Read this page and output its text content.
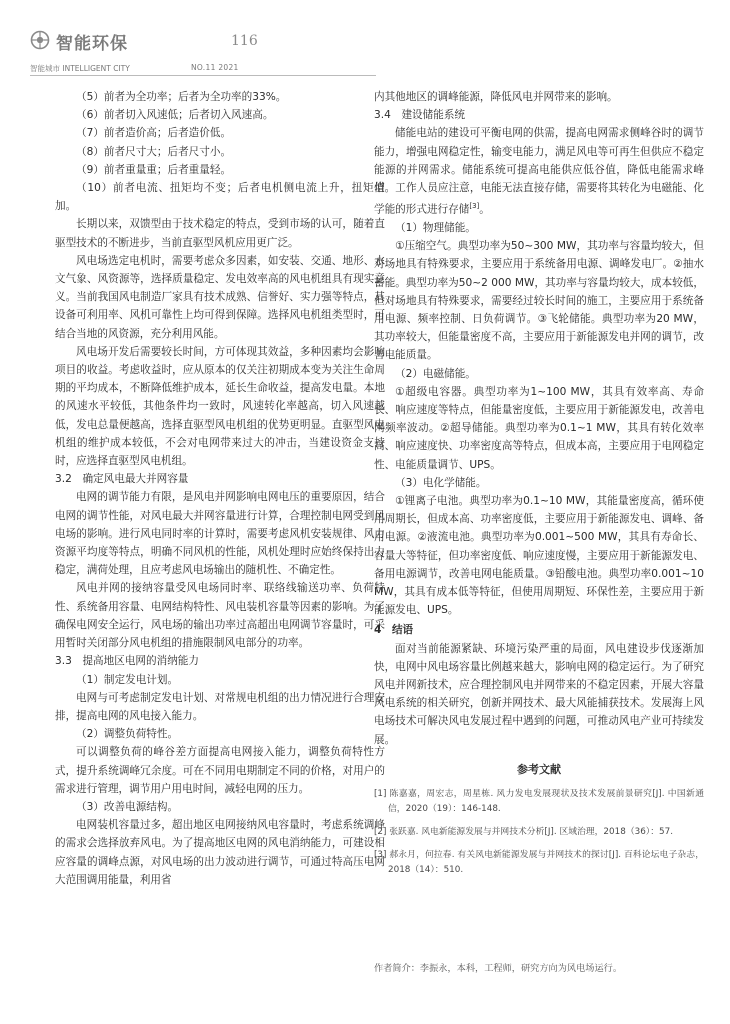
智能环保	116
智能城市 INTELLIGENT CITY	NO.11 2021

（5）前者为全功率；后者为全功率的33%。

（6）前者切入风速低；后者切入风速高。

（7）前者造价高；后者造价低。

（8）前者尺寸大；后者尺寸小。

（9）前者重量重；后者重量轻。

（10）前者电流、扭矩均不变；后者电机侧电流上升，扭矩增加。

长期以来，双馈型由于技术稳定的特点，受到市场的认可，随着直驱型技术的不断进步，当前直驱型风机应用更广泛。

风电场选定电机时，需要考虑众多因素，如安装、交通、地形、水文气象、风资源等，选择质量稳定、发电效率高的风电机组具有现实意义。当前我国风电制造厂家具有技术成熟、信誉好、实力强等特点，其设备可利用率、风机可靠性上均可得到保障。选择风电机组类型时，可结合当地的风资源，充分利用风能。

风电场开发后需要较长时间，方可体现其效益，多种因素均会影响项目的收益。考虑收益时，应从原本的仅关注初期成本变为关注生命周期的平均成本，不断降低维护成本，延长生命收益，提高发电量。本地的风速水平较低，其他条件均一致时，风速转化率越高，切入风速越低，发电总量便越高，选择直驱型风电机组的优势更明显。直驱型风电机组的维护成本较低，不会对电网带来过大的冲击，当建设资金支持时，应选择直驱型风电机组。

3.2　确定风电最大并网容量

电网的调节能力有限，是风电并网影响电网电压的重要原因，结合电网的调节性能，对风电最大并网容量进行计算，合理控制电网受到风电场的影响。进行风电同时率的计算时，需要考虑风机安装规律、风力资源平均度等特点，明确不同风机的性能，风机处理时应始终保持出力稳定，满荷处理，且应考虑风电场输出的随机性、不确定性。

风电并网的接纳容量受风电场同时率、联络线输送功率、负荷特性、系统备用容量、电网结构特性、风电装机容量等因素的影响。为了确保电网安全运行，风电场的输出功率过高超出电网调节容量时，可采用暂时关闭部分风电机组的措施限制风电部分的功率。

3.3　提高地区电网的消纳能力

（1）制定发电计划。

电网与可考虑制定发电计划、对常规电机组的出力情况进行合理安排，提高电网的风电接入能力。

（2）调整负荷特性。

可以调整负荷的峰谷差方面提高电网接入能力，调整负荷特性方式，提升系统调峰冗余度。可在不同用电期制定不同的价格，对用户的需求进行管理，调节用户用电时间，减轻电网的压力。

（3）改善电源结构。

电网装机容量过多，超出地区电网接纳风电容量时，考虑系统调峰的需求会选择放弃风电。为了提高地区电网的风电消纳能力，可建设相应容量的调峰点源，对风电场的出力波动进行调节，可通过特高压电网大范围调用能量，利用省

内其他地区的调峰能源，降低风电并网带来的影响。

3.4　建设储能系统

储能电站的建设可平衡电网的供需，提高电网需求侧峰谷时的调节能力，增强电网稳定性，输变电能力，满足风电等可再生但供应不稳定能源的并网需求。储能系统可提高电能供应低谷值，降低电能需求峰值。工作人员应注意，电能无法直接存储，需要将其转化为电磁能、化学能的形式进行存储[3]。

（1）物理储能。

①压缩空气。典型功率为50~300 MW，其功率与容量均较大，但对场地具有特殊要求，主要应用于系统备用电源、调峰发电厂。②抽水蓄能。典型功率为50~2 000 MW，其功率与容量均较大，成本较低，但对场地具有特殊要求，需要经过较长时间的施工，主要应用于系统备用电源、频率控制、日负荷调节。③飞轮储能。典型功率为20 MW，其功率较大，但能量密度不高，主要应用于新能源发电并网的调节，改善电能质量。

（2）电磁储能。

①超级电容器。典型功率为1~100 MW，其具有效率高、寿命长、响应速度等特点，但能量密度低，主要应用于新能源发电，改善电网频率波动。②超导储能。典型功率为0.1~1 MW，其具有转化效率高、响应速度快、功率密度高等特点，但成本高，主要应用于电网稳定性、电能质量调节、UPS。

（3）电化学储能。

①锂离子电池。典型功率为0.1~10 MW，其能量密度高，循环使用周期长，但成本高、功率密度低，主要应用于新能源发电、调峰、备用电源。②液流电池。典型功率为0.001~500 MW，其具有寿命长、容量大等特征，但功率密度低、响应速度慢，主要应用于新能源发电、备用电源调节，改善电网电能质量。③铅酸电池。典型功率0.001~10 MW，其具有成本低等特征，但使用周期短、环保性差，主要应用于新能源发电、UPS。

4　结语

面对当前能源紧缺、环境污染严重的局面，风电建设步伐逐渐加快，电网中风电场容量比例越来越大，影响电网的稳定运行。为了研究风电并网新技术，应合理控制风电并网带来的不稳定因素，开展大容量风电系统的相关研究，创新并网技术、最大风能捕获技术。发展海上风电场技术可解决风电发展过程中遇到的问题，可推动风电产业可持续发展。

参考文献

[1] 陈嘉嘉，周宏志，周星栋. 风力发电发展现状及技术发展前景研究[J]. 中国新通信，2020（19）：146-148.

[2] 张跃嘉. 风电新能源发展与并网技术分析[J]. 区域治理，2018（36）：57.

[3] 郝永月，何拉春. 有关风电新能源发展与并网技术的探讨[J]. 百科论坛电子杂志，2018（14）：510.

作者简介：李振永，本科，工程师，研究方向为风电场运行。
